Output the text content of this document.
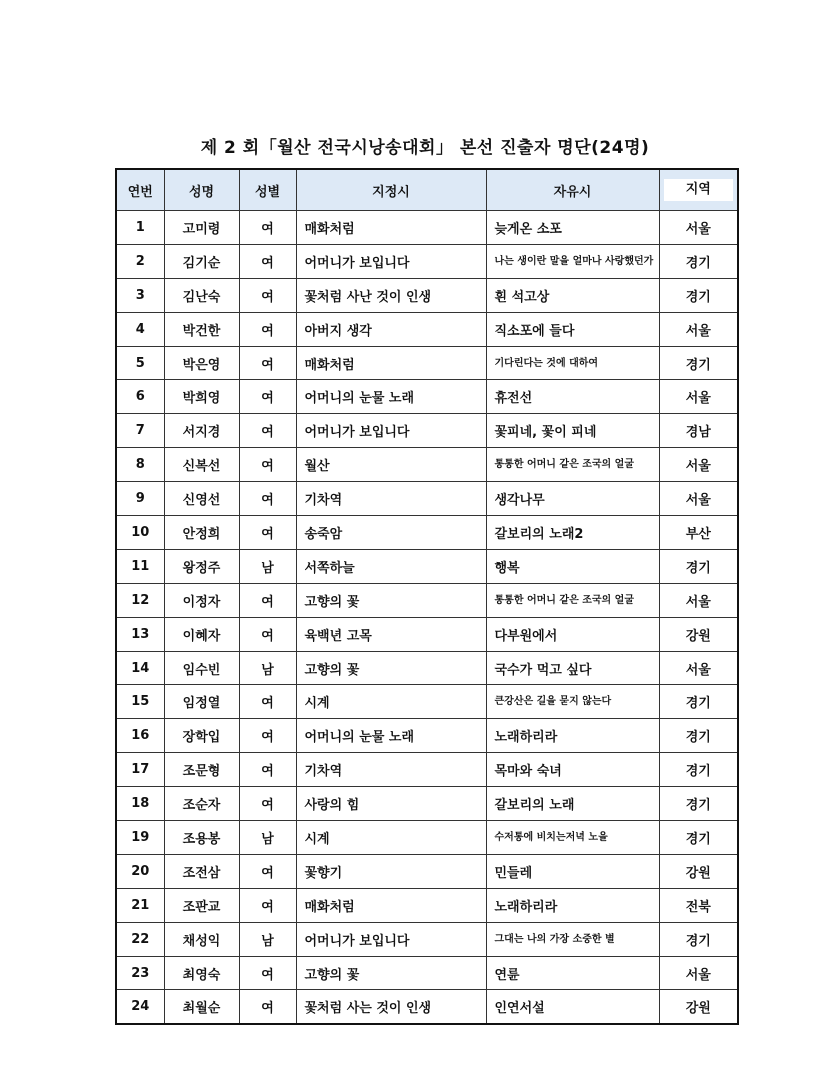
제 2 회「월산 전국시낭송대회」 본선 진출자 명단(24명)
연번	성명	성별	지정시	자유시	지역

1	고미령	여	매화처럼	늦게온 소포	서울
2	김기순	여	어머니가 보입니다	나는 생이란 말을 얼마나 사랑했던가	경기
3	김난숙	여	꽃처럼 사난 것이 인생	흰 석고상	경기
4	박건한	여	아버지 생각	직소포에 들다	서울
5	박은영	여	매화처럼	기다린다는 것에 대하여	경기
6	박희영	여	어머니의 눈물 노래	휴전선	서울
7	서지경	여	어머니가 보입니다	꽃피네, 꽃이 피네	경남
8	신복선	여	월산	통통한 어머니 같은 조국의 얼굴	서울
9	신영선	여	기차역	생각나무	서울
10	안정희	여	송죽암	갈보리의 노래2	부산
11	왕정주	남	서쪽하늘	행복	경기
12	이정자	여	고향의 꽃	통통한 어머니 같은 조국의 얼굴	서울
13	이혜자	여	육백년 고목	다부원에서	강원
14	임수빈	남	고향의 꽃	국수가 먹고 싶다	서울
15	임정열	여	시계	큰강산은 길을 묻지 않는다	경기
16	장학입	여	어머니의 눈물 노래	노래하리라	경기
17	조문형	여	기차역	목마와 숙녀	경기
18	조순자	여	사랑의 힘	갈보리의 노래	경기
19	조용봉	남	시계	수저통에 비치는저녁 노을	경기
20	조전삼	여	꽃향기	민들레	강원
21	조판교	여	매화처럼	노래하리라	전북
22	채성익	남	어머니가 보입니다	그대는 나의 가장 소중한 별	경기
23	최영숙	여	고향의 꽃	연륜	서울
24	최월순	여	꽃처럼 사는 것이 인생	인연서설	강원
